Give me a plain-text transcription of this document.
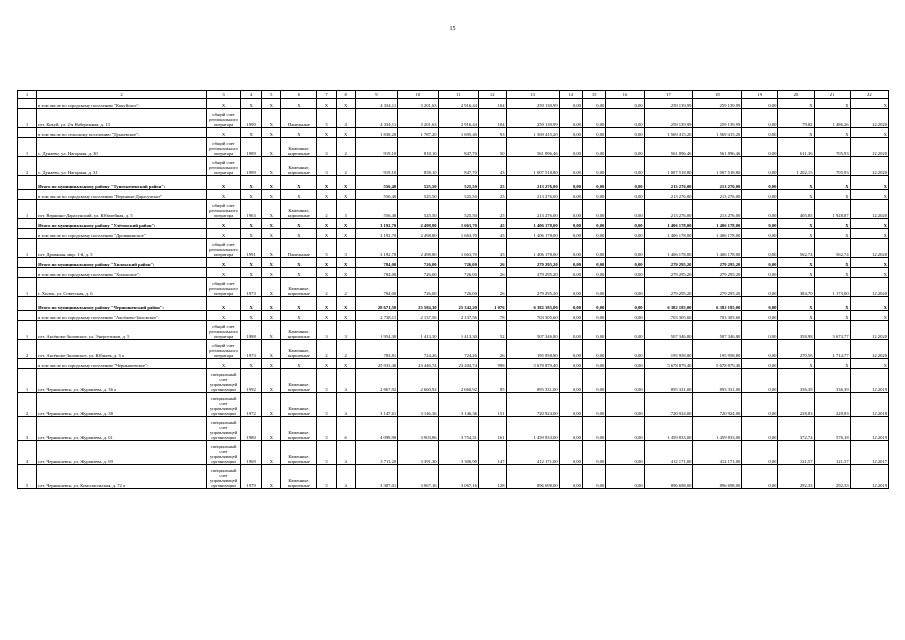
15
1	2	3	4	5	6	7	8	9	10	11	12	13	14	15	16	17	18	19	20	21	22
	в том числе по городскому поселению "Кокуйское":	X	X	X	X	X	X	4 334,11	3 201,63	2 916,44	104	259 139,99	0,00	0,00	0,00	259 139,99	259 139,99	0,00	X	X	X
1	пгт. Кокуй, ул. 2-я Набережная, д. 13	общий счет регионального оператора	1990	X	Панельные	5	4	4 334,11	3 201,63	2 916,44	104	259 139,99	0,00	0,00	0,00	259 139,99	259 139,99	0,00	79,82	1 486,26	12.2020
	в том числе по сельскому поселению "Дунаевское":	X	X	X	X	X	X	1 838,20	1 787,20	1 695,40	93	1 569 415,20	0,00	0,00	0,00	1 569 415,20	1 569 415,20	0,00	X	X	X
1	с. Дунаево, ул. Нагорная, д. 30	общий счет регионального оператора	1989	X	Каменные, кирпичные	3	2	919,10	818,10	847,70	50	561 896,46	0,00	0,00	0,00	561 896,46	561 896,46	0,00	611,36	705,93	12.2020
2	с. Дунаево, ул. Нагорная, д. 31	общий счет регионального оператора	1989	X	Каменные, кирпичные	3	2	919,10	858,10	847,70	43	1 007 518,80	0,00	0,00	0,00	1 007 518,80	1 007 518,80	0,00	1 202,15	705,93	12.2020
	Итого по муниципальному району "Тунгокоченский район":	X	X	X	X	X	X	556,40	525,50	525,50	25	213 276,00	0,00	0,00	0,00	213 276,00	213 276,00	0,00	X	X	X
	в том числе по городскому поселению "Вершино-Дарасунское"	X	X	X	X	X	X	556,40	525,50	525,50	25	213 276,00	0,00	0,00	0,00	213 276,00	213 276,00	0,00	X	X	X
1	пгт. Вершино-Дарасунский, ул. Юбилейная, д. 5	общий счет регионального оператора	1963	X	Каменные, кирпичные	2	3	556,40	525,50	525,50	25	213 276,00	0,00	0,00	0,00	213 276,00	213 276,00	0,00	405,85	1 928,87	12.2020
	Итого по муниципальному району "Улётовский район":	X	X	X	X	X	X	3 192,70	2 498,80	1 663,70	45	1 406 178,00	0,00	0,00	0,00	1 406 178,00	1 406 178,00	0,00	X	X	X
	в том числе по городскому поселению "Дровянинское"	X	X	X	X	X	X	3 192,70	2 498,80	1 663,70	45	1 406 178,00	0,00	0,00	0,00	1 406 178,00	1 406 178,00	0,00	X	X	X
1	пгт. Дровяная, мкр. 1-й, д. 5	общий счет регионального оператора	1991	X	Панельные	5	3	3 192,70	2 498,80	1 663,70	45	1 406 178,00	0,00	0,00	0,00	1 406 178,00	1 406 178,00	0,00	562,74	562,74	12.2020
	Итого по муниципальному району "Хилокский район":	X	X	X	X	X	X	784,00	726,00	726,00	26	279 295,20	0,00	0,00	0,00	279 295,20	279 295,20	0,00	X	X	X
	в том числе по городскому поселению "Хилокское":	X	X	X	X	X	X	784,00	726,00	726,00	26	279 295,20	0,00	0,00	0,00	279 295,20	279 295,20	0,00	X	X	X
1	г. Хилок, ул. Советская, д. 6	общий счет регионального оператора	1973	X	Каменные, кирпичные	2	2	784,00	726,00	726,00	26	279 295,20	0,00	0,00	0,00	279 295,20	279 295,20	0,00	384,70	1 173,00	12.2020
	Итого по муниципальному району "Чернышевский район":	X	X	X	X	X	X	28 671,50	25 584,30	25 342,20	1 076	6 382 185,00	0,00	0,00	0,00	6 382 185,00	6 382 185,00	0,00	X	X	X
	в том числе по городскому поселению "Аксёново-Зиловское":	X	X	X	X	X	X	2 738,11	2 137,56	2 137,56	78	703 305,60	0,00	0,00	0,00	703 305,60	703 305,60	0,00	X	X	X
1	пгт. Аксёново-Зиловское, ул. Энергетиков, д. 5	общий счет регионального оператора	1988	X	Каменные, кирпичные	3	3	1 954,30	1 413,30	1 413,30	52	507 346,80	0,00	0,00	0,00	507 346,80	507 346,80	0,00	358,98	3 673,77	12.2020
2	пгт. Аксёново-Зиловское, ул. Юбилея, д. 3 а	общий счет регионального оператора	1973	X	Каменные, кирпичные	2	2	783,81	724,26	724,26	26	195 958,80	0,00	0,00	0,00	195 958,80	195 958,80	0,00	270,56	1 714,77	12.2020
	в том числе по городскому поселению "Чернышевское":	X	X	X	X	X	X	25 933,40	23 446,74	23 204,74	998	5 678 879,40	0,00	0,00	0,00	5 678 879,40	5 678 879,40	0,00	X	X	X
1	пгт. Чернышевск, ул. Журавлёва, д. 36 а	специальный счет управляющей организации	1992	X	Каменные, кирпичные	5	4	2 867,92	2 660,92	2 660,92	85	895 331,00	0,00	0,00	0,00	895 331,00	895 331,00	0,00	336,39	336,39	12.2019
2	пгт. Чернышевск, ул. Журавлёва, д. 38	специальный счет управляющей организации	1972	X	Каменные, кирпичные	5	4	3 147,61	3 146,36	3 146,36	151	720 924,00	0,00	0,00	0,00	720 924,00	720 924,00	0,00	228,83	228,83	12.2018
3	пгт. Чернышевск, ул. Журавлёва, д. 61	специальный счет управляющей организации	1980	X	Каменные, кирпичные	5	6	4 098,90	3 903,86	3 754,31	161	1 459 833,00	0,00	0,00	0,00	1 459 833,00	1 459 833,00	0,00	372,74	576,18	12.2019
4	пгт. Чернышевск, ул. Журавлёва, д. 69	специальный счет управляющей организации	1969	X	Каменные, кирпичные	5	4	3 711,20	3 391,30	3 306,90	147	412 171,00	0,00	0,00	0,00	412 171,00	412 171,00	0,00	121,57	121,57	12.2017
5	пгт. Чернышевск, ул. Комсомольская, д. 72 а	специальный счет управляющей организации	1979	X	Каменные, кирпичные	5	4	3 387,01	3 067,16	3 067,16	128	896 698,00	0,00	0,00	0,00	896 698,00	896 698,00	0,00	292,33	292,33	12.2019
